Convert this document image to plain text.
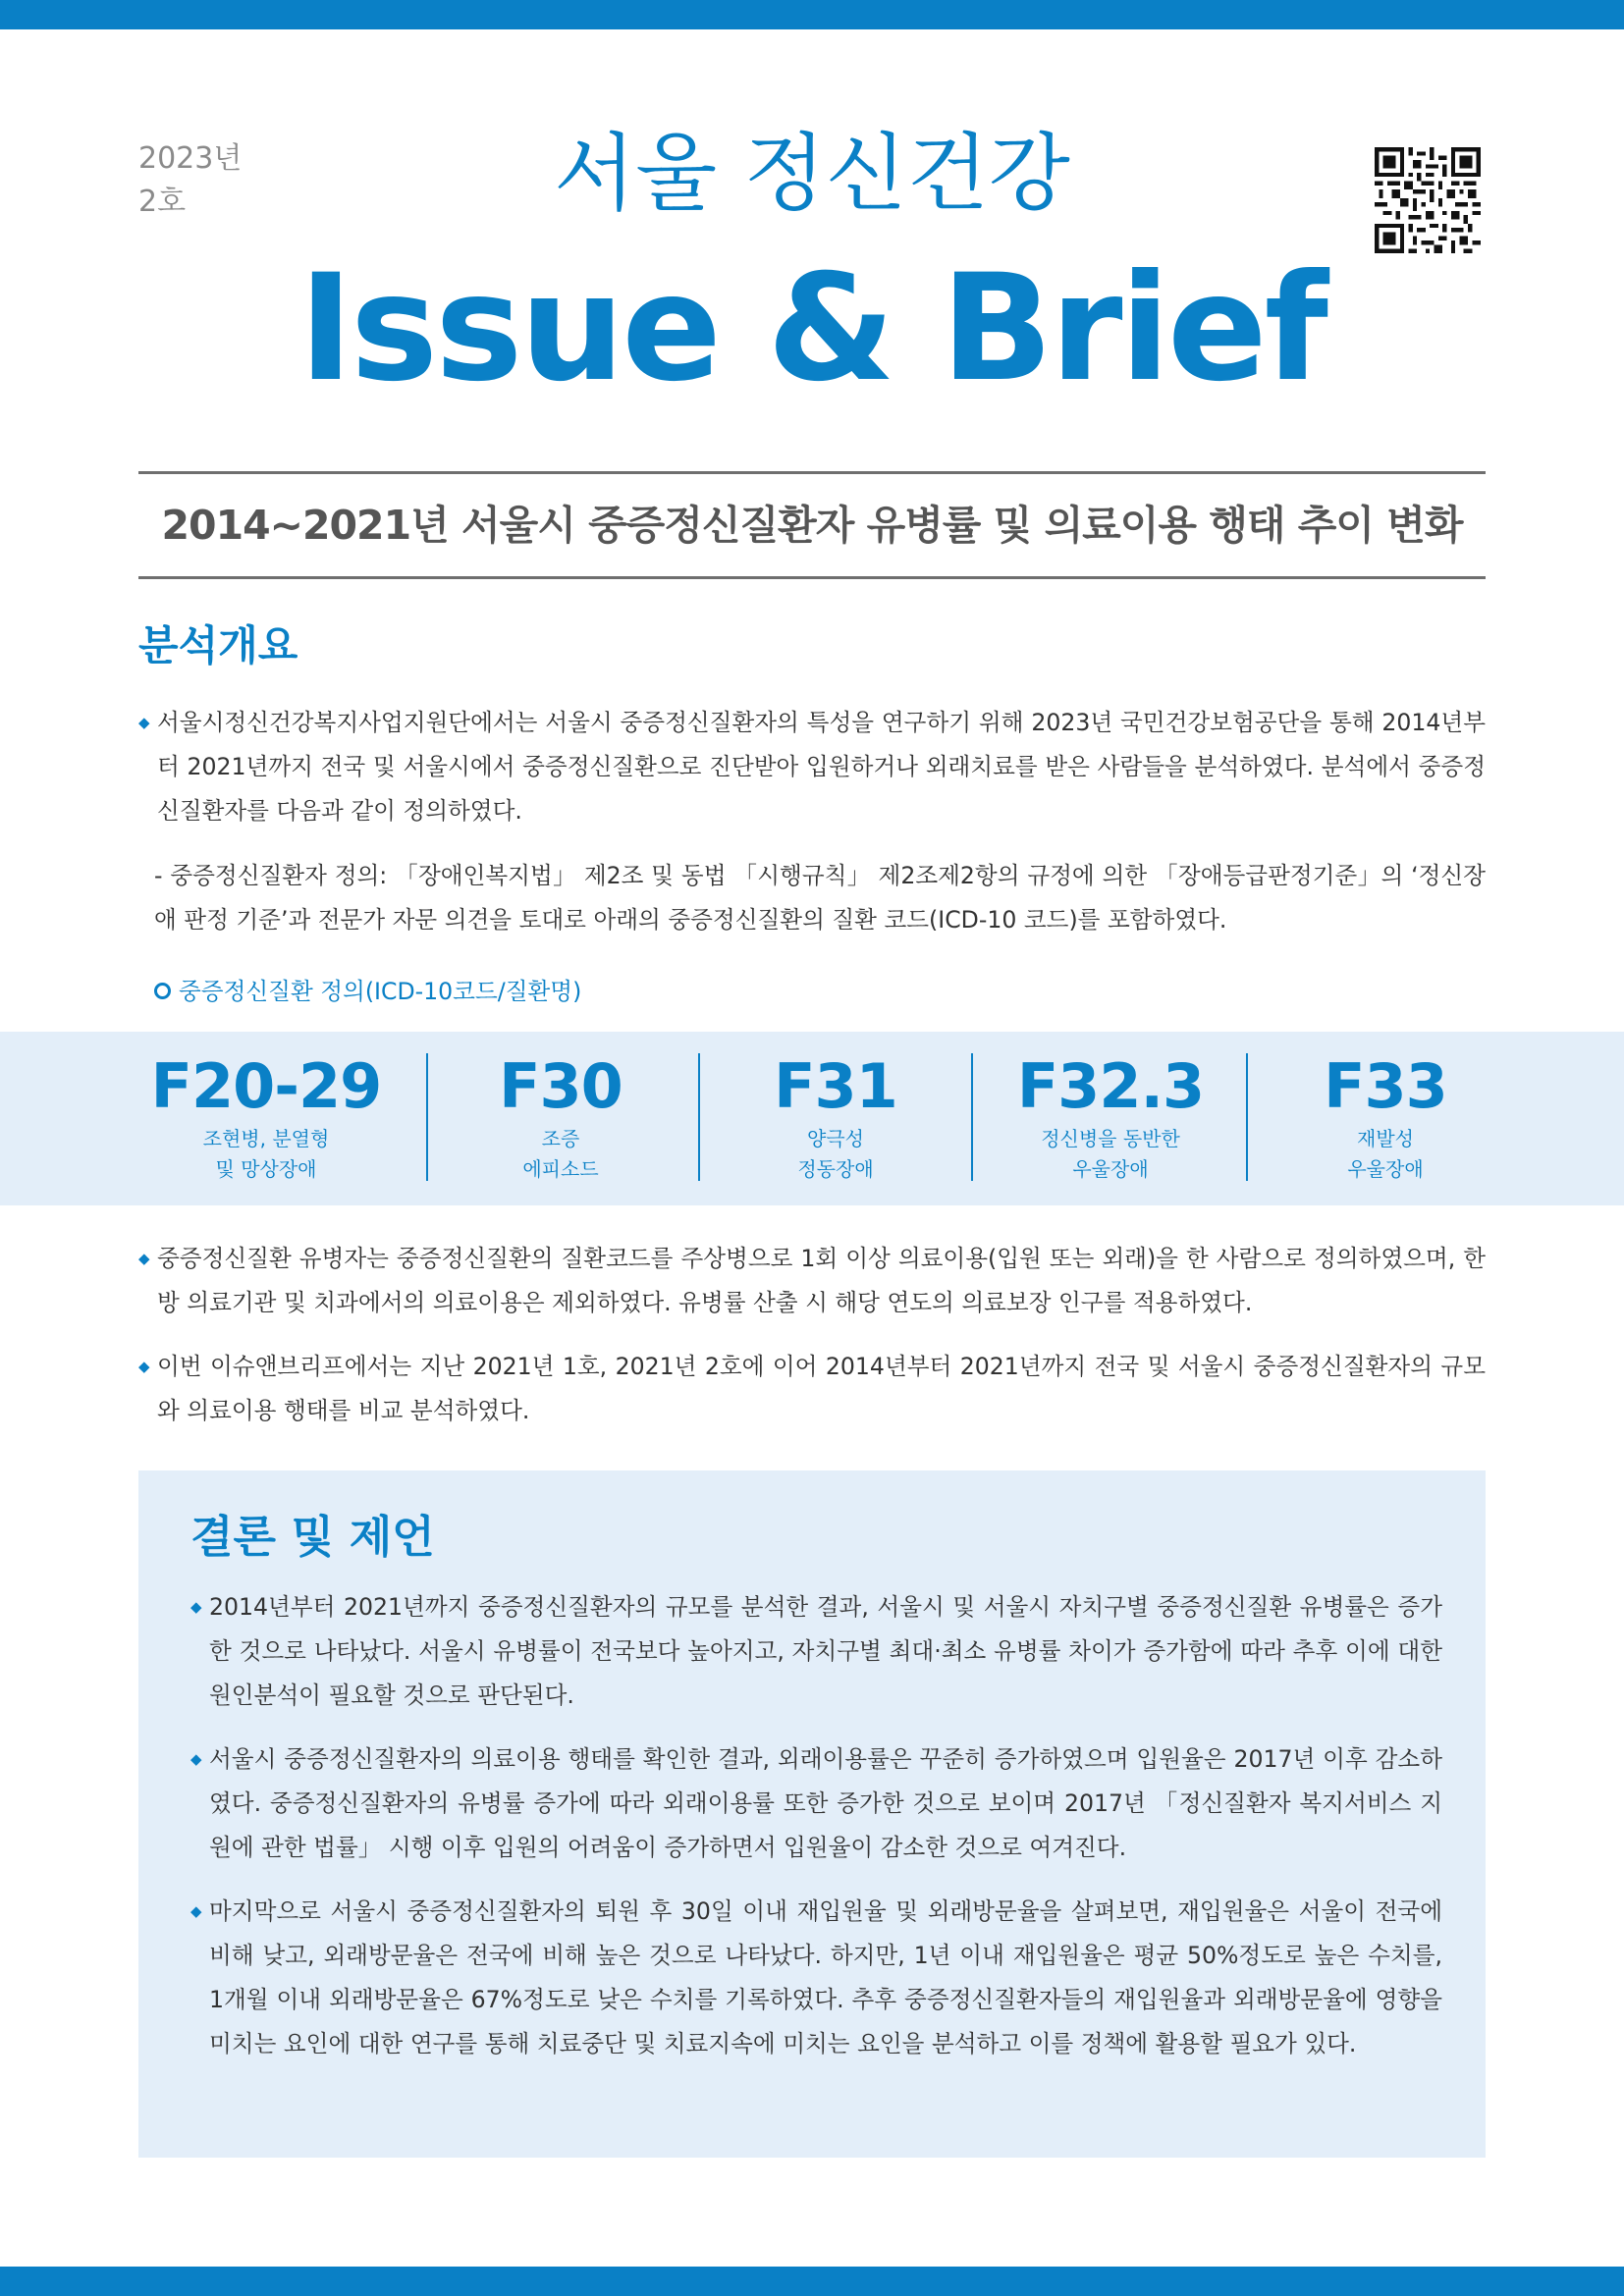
2023년
2호	서울 정신건강
Issue & Brief
2014~2021년 서울시 중증정신질환자 유병률 및 의료이용 행태 추이 변화
분석개요
◆ 서울시정신건강복지사업지원단에서는 서울시 중증정신질환자의 특성을 연구하기 위해 2023년 국민건강보험공단을 통해 2014년부터 2021년까지 전국 및 서울시에서 중증정신질환으로 진단받아 입원하거나 외래치료를 받은 사람들을 분석하였다. 분석에서 중증정신질환자를 다음과 같이 정의하였다.
- 중증정신질환자 정의: 「장애인복지법」 제2조 및 동법 「시행규칙」 제2조제2항의 규정에 의한 「장애등급판정기준」의 ‘정신장애 판정 기준’과 전문가 자문 의견을 토대로 아래의 중증정신질환의 질환 코드(ICD-10 코드)를 포함하였다.
중증정신질환 정의(ICD-10코드/질환명)
F20-29
조현병, 분열형
및 망상장애
F30
조증
에피소드
F31
양극성
정동장애
F32.3
정신병을 동반한
우울장애
F33
재발성
우울장애
◆ 중증정신질환 유병자는 중증정신질환의 질환코드를 주상병으로 1회 이상 의료이용(입원 또는 외래)을 한 사람으로 정의하였으며, 한방 의료기관 및 치과에서의 의료이용은 제외하였다. 유병률 산출 시 해당 연도의 의료보장 인구를 적용하였다.
◆ 이번 이슈앤브리프에서는 지난 2021년 1호, 2021년 2호에 이어 2014년부터 2021년까지 전국 및 서울시 중증정신질환자의 규모와 의료이용 행태를 비교 분석하였다.
결론 및 제언
◆ 2014년부터 2021년까지 중증정신질환자의 규모를 분석한 결과, 서울시 및 서울시 자치구별 중증정신질환 유병률은 증가한 것으로 나타났다. 서울시 유병률이 전국보다 높아지고, 자치구별 최대·최소 유병률 차이가 증가함에 따라 추후 이에 대한 원인분석이 필요할 것으로 판단된다.
◆ 서울시 중증정신질환자의 의료이용 행태를 확인한 결과, 외래이용률은 꾸준히 증가하였으며 입원율은 2017년 이후 감소하였다. 중증정신질환자의 유병률 증가에 따라 외래이용률 또한 증가한 것으로 보이며 2017년 「정신질환자 복지서비스 지원에 관한 법률」 시행 이후 입원의 어려움이 증가하면서 입원율이 감소한 것으로 여겨진다.
◆ 마지막으로 서울시 중증정신질환자의 퇴원 후 30일 이내 재입원율 및 외래방문율을 살펴보면, 재입원율은 서울이 전국에 비해 낮고, 외래방문율은 전국에 비해 높은 것으로 나타났다. 하지만, 1년 이내 재입원율은 평균 50%정도로 높은 수치를, 1개월 이내 외래방문율은 67%정도로 낮은 수치를 기록하였다. 추후 중증정신질환자들의 재입원율과 외래방문율에 영향을 미치는 요인에 대한 연구를 통해 치료중단 및 치료지속에 미치는 요인을 분석하고 이를 정책에 활용할 필요가 있다.
